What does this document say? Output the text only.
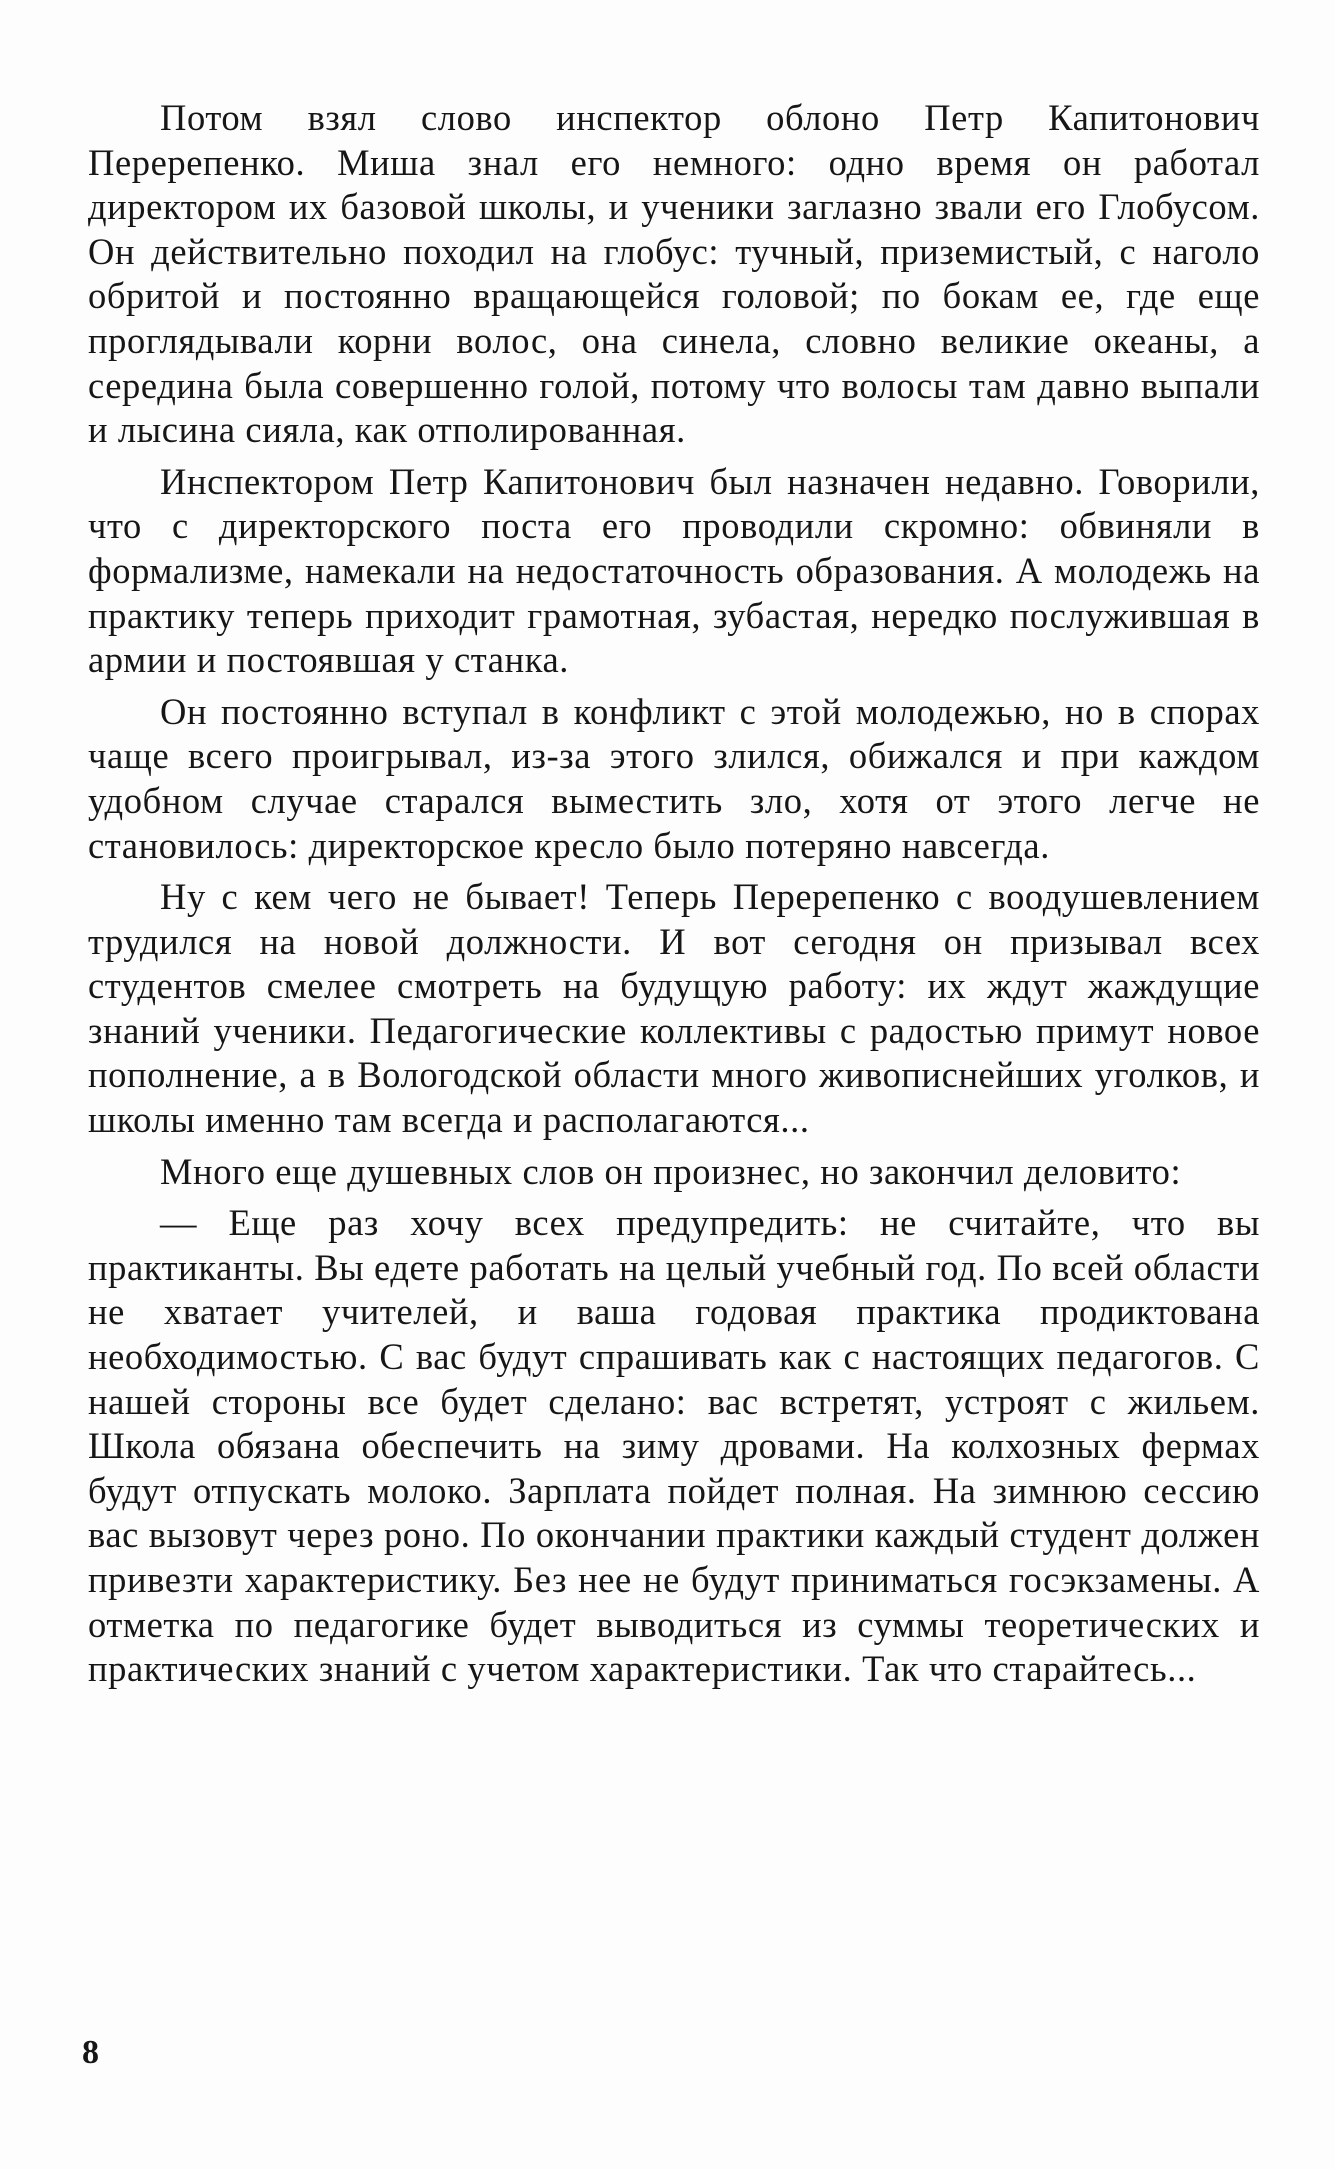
Потом взял слово инспектор облоно Петр Капитонович Перерепенко. Миша знал его немного: одно время он работал директором их базовой школы, и ученики заглазно звали его Глобусом. Он действительно походил на глобус: тучный, приземистый, с наголо обритой и постоянно вращающейся головой; по бокам ее, где еще проглядывали корни волос, она синела, словно великие океаны, а середина была совершенно голой, потому что волосы там давно выпали и лысина сияла, как отполированная.

Инспектором Петр Капитонович был назначен недавно. Говорили, что с директорского поста его проводили скромно: обвиняли в формализме, намекали на недостаточность образования. А молодежь на практику теперь приходит грамотная, зубастая, нередко послужившая в армии и постоявшая у станка.

Он постоянно вступал в конфликт с этой молодежью, но в спорах чаще всего проигрывал, из-за этого злился, обижался и при каждом удобном случае старался выместить зло, хотя от этого легче не становилось: директорское кресло было потеряно навсегда.

Ну с кем чего не бывает! Теперь Перерепенко с воодушевлением трудился на новой должности. И вот сегодня он призывал всех студентов смелее смотреть на будущую работу: их ждут жаждущие знаний ученики. Педагогические коллективы с радостью примут новое пополнение, а в Вологодской области много живописнейших уголков, и школы именно там всегда и располагаются...

Много еще душевных слов он произнес, но закончил деловито:

— Еще раз хочу всех предупредить: не считайте, что вы практиканты. Вы едете работать на целый учебный год. По всей области не хватает учителей, и ваша годовая практика продиктована необходимостью. С вас будут спрашивать как с настоящих педагогов. С нашей стороны все будет сделано: вас встретят, устроят с жильем. Школа обязана обеспечить на зиму дровами. На колхозных фермах будут отпускать молоко. Зарплата пойдет полная. На зимнюю сессию вас вызовут через роно. По окончании практики каждый студент должен привезти характеристику. Без нее не будут приниматься госэкзамены. А отметка по педагогике будет выводиться из суммы теоретических и практических знаний с учетом характеристики. Так что старайтесь...

8
